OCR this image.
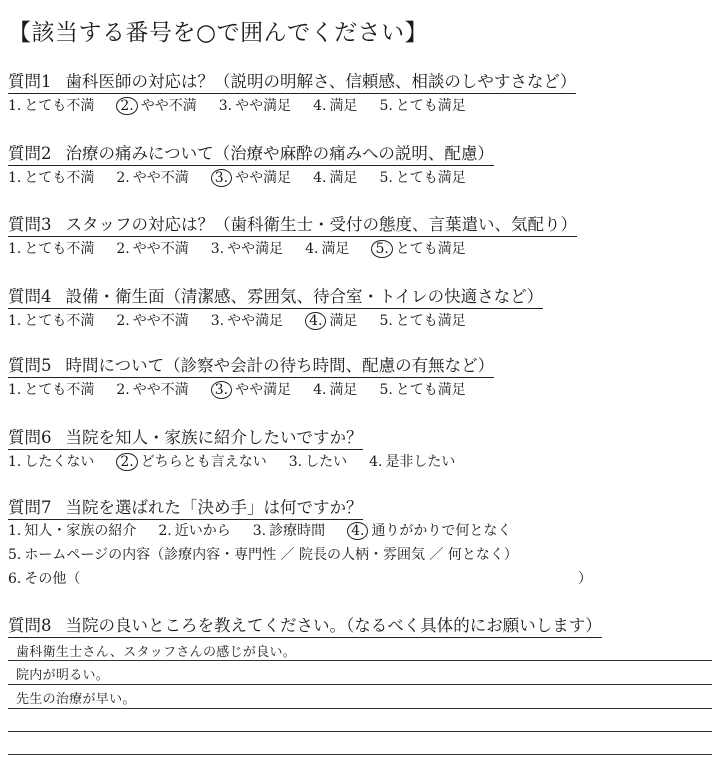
【該当する番号を○で囲んでください】
質問1 歯科医師の対応は？（説明の明解さ、信頼感、相談のしやすさなど）
1. とても不満 2. やや不満 3. やや満足 4. 満足 5. とても満足
質問2 治療の痛みについて（治療や麻酔の痛みへの説明、配慮）
1. とても不満 2. やや不満 3. やや満足 4. 満足 5. とても満足
質問3 スタッフの対応は？（歯科衛生士・受付の態度、言葉遣い、気配り）
1. とても不満 2. やや不満 3. やや満足 4. 満足 5. とても満足
質問4 設備・衛生面（清潔感、雰囲気、待合室・トイレの快適さなど）
1. とても不満 2. やや不満 3. やや満足 4. 満足 5. とても満足
質問5 時間について（診察や会計の待ち時間、配慮の有無など）
1. とても不満 2. やや不満 3. やや満足 4. 満足 5. とても満足
質問6 当院を知人・家族に紹介したいですか？
1. したくない 2. どちらとも言えない 3. したい 4. 是非したい
質問7 当院を選ばれた「決め手」は何ですか？
1. 知人・家族の紹介 2. 近いから 3. 診療時間 4. 通りがかりで何となく
5. ホームページの内容（診療内容・専門性 ／ 院長の人柄・雰囲気 ／ 何となく）
6. その他（	）
質問8 当院の良いところを教えてください。（なるべく具体的にお願いします）
歯科衛生士さん、スタッフさんの感じが良い。
院内が明るい。
先生の治療が早い。
